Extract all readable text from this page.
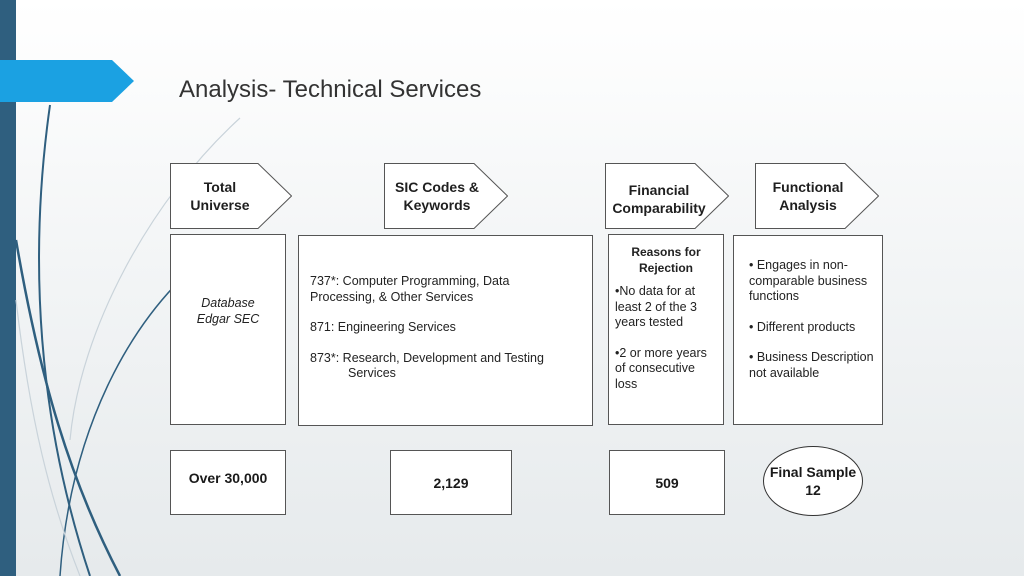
Analysis- Technical Services
Total
Universe
SIC Codes &
Keywords
Financial
Comparability
Functional
Analysis
Database
Edgar SEC

737*: Computer Programming, Data Processing, & Other Services

871: Engineering Services

873*: Research, Development and Testing

Services

Reasons for
Rejection

•No data for at least 2 of the 3 years tested

•2 or more years of consecutive loss

• Engages in non-comparable business functions

• Different products

• Business Description not available

Over 30,000	2,129	509
Final Sample
12
